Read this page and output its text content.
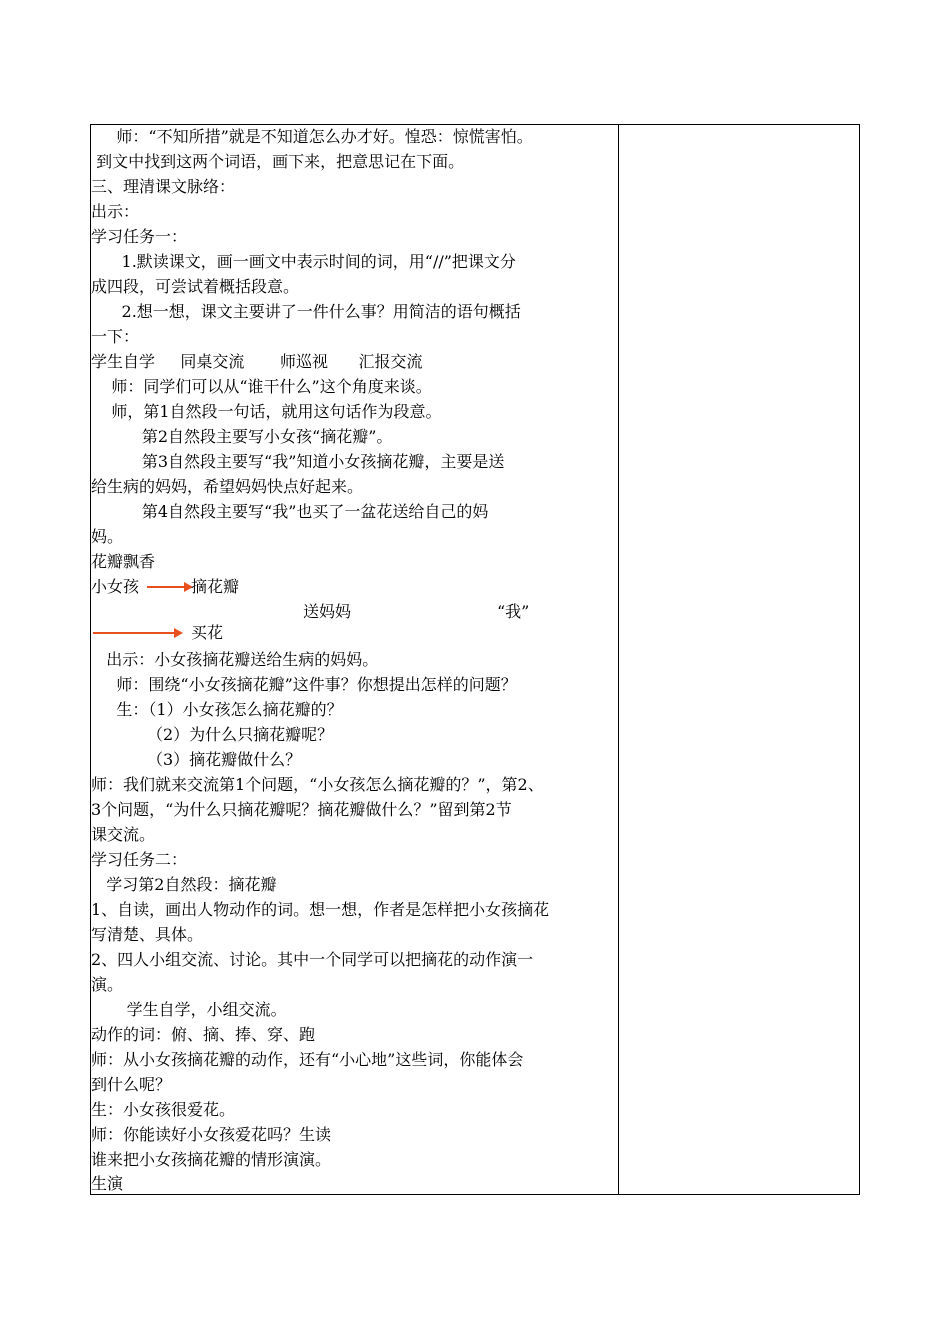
师：“不知所措”就是不知道怎么办才好。惶恐：惊慌害怕。
到文中找到这两个词语，画下来，把意思记在下面。
三、理清课文脉络：
出示：
学习任务一：
1.默读课文，画一画文中表示时间的词，用“//”把课文分
成四段，可尝试着概括段意。
2.想一想，课文主要讲了一件什么事？用简洁的语句概括
一下：
学生自学     同桌交流       师巡视      汇报交流
师：同学们可以从“谁干什么”这个角度来谈。
师，第1自然段一句话，就用这句话作为段意。
第2自然段主要写小女孩“摘花瓣”。
第3自然段主要写“我”知道小女孩摘花瓣，主要是送
给生病的妈妈，希望妈妈快点好起来。
第4自然段主要写“我”也买了一盆花送给自己的妈
妈。
花瓣飘香
小女孩	摘花瓣
送妈妈	“我”
买花
出示：小女孩摘花瓣送给生病的妈妈。
师：围绕“小女孩摘花瓣”这件事？你想提出怎样的问题？
生：（1）小女孩怎么摘花瓣的？
（2）为什么只摘花瓣呢？
（3）摘花瓣做什么？
师：我们就来交流第1个问题，“小女孩怎么摘花瓣的？”，第2、
3个问题，“为什么只摘花瓣呢？摘花瓣做什么？”留到第2节
课交流。
学习任务二：
学习第2自然段：摘花瓣
1、自读，画出人物动作的词。想一想，作者是怎样把小女孩摘花
写清楚、具体。
2、四人小组交流、讨论。其中一个同学可以把摘花的动作演一
演。
学生自学，小组交流。
动作的词：俯、摘、捧、穿、跑
师：从小女孩摘花瓣的动作，还有“小心地”这些词，你能体会
到什么呢？
生：小女孩很爱花。
师：你能读好小女孩爱花吗？生读
谁来把小女孩摘花瓣的情形演演。
生演
